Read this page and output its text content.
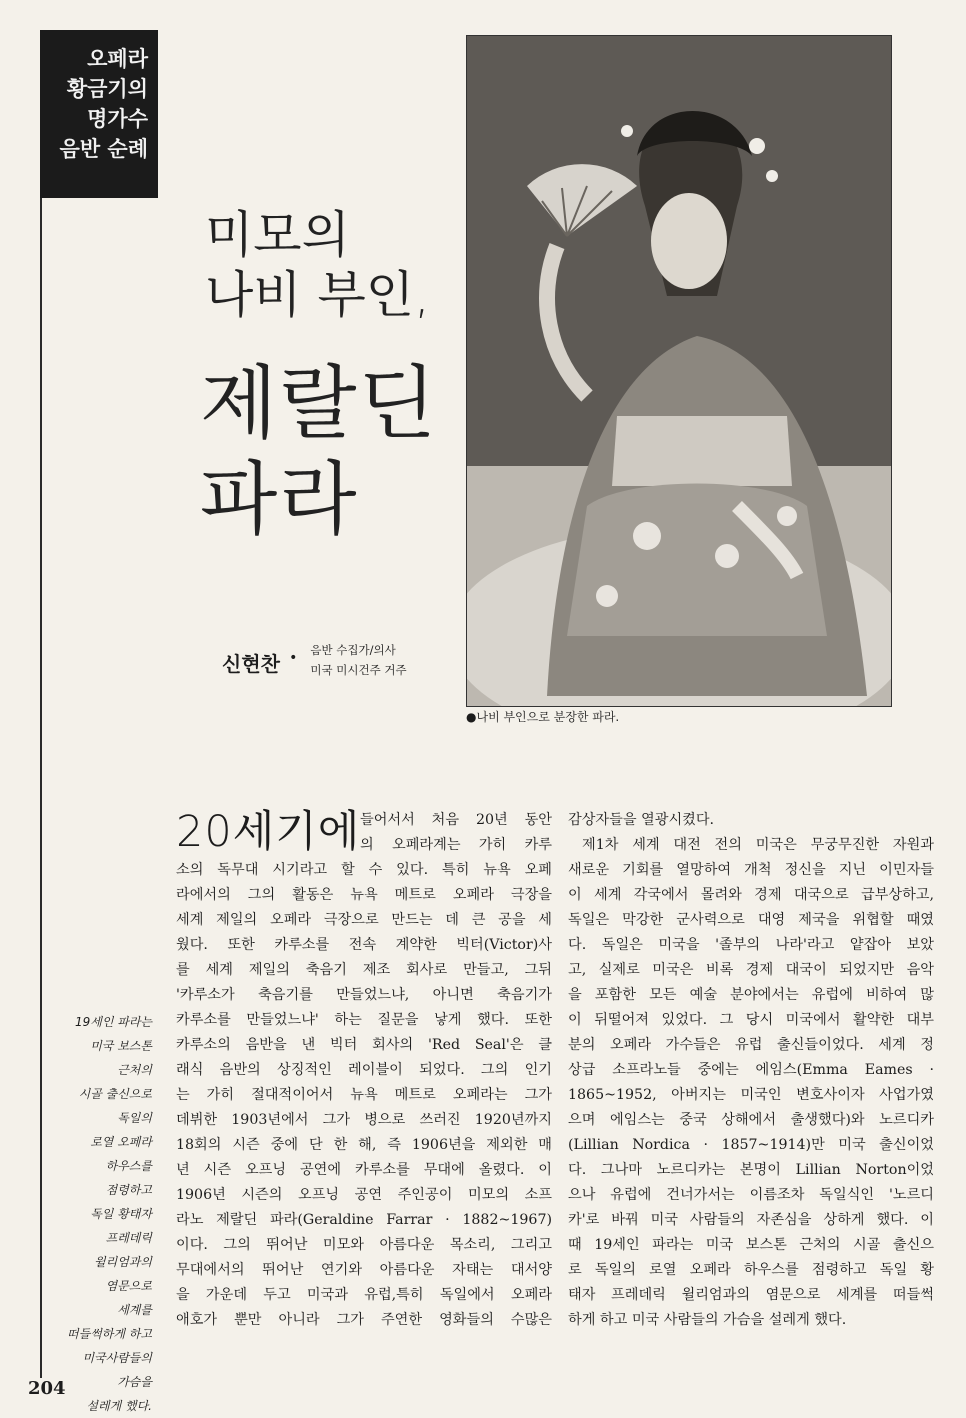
오페라
황금기의
명가수
음반 순례
미모의
나비 부인,
제랄딘
파라
신현찬 • 음반 수집가/의사
미국 미시건주 거주
●나비 부인으로 분장한 파라.
20세기에 들어서서 처음 20년 동안
의 오페라계는 가히 카루
소의 독무대 시기라고 할 수 있다. 특히 뉴욕 오페
라에서의 그의 활동은 뉴욕 메트로 오페라 극장을
세계 제일의 오페라 극장으로 만드는 데 큰 공을 세
웠다. 또한 카루소를 전속 계약한 빅터(Victor)사
를 세계 제일의 축음기 제조 회사로 만들고, 그뒤
'카루소가 축음기를 만들었느냐, 아니면 축음기가
카루소를 만들었느냐' 하는 질문을 낳게 했다. 또한
카루소의 음반을 낸 빅터 회사의 'Red Seal'은 클
래식 음반의 상징적인 레이블이 되었다. 그의 인기
는 가히 절대적이어서 뉴욕 메트로 오페라는 그가
데뷔한 1903년에서 그가 병으로 쓰러진 1920년까지
18회의 시즌 중에 단 한 해, 즉 1906년을 제외한 매
년 시즌 오프닝 공연에 카루소를 무대에 올렸다. 이
1906년 시즌의 오프닝 공연 주인공이 미모의 소프
라노 제랄딘 파라(Geraldine Farrar · 1882~1967)
이다. 그의 뛰어난 미모와 아름다운 목소리, 그리고
무대에서의 뛰어난 연기와 아름다운 자태는 대서양
을 가운데 두고 미국과 유럽,특히 독일에서 오페라
애호가 뿐만 아니라 그가 주연한 영화들의 수많은
감상자들을 열광시켰다.
제1차 세계 대전 전의 미국은 무궁무진한 자원과
새로운 기회를 열망하여 개척 정신을 지닌 이민자들
이 세계 각국에서 몰려와 경제 대국으로 급부상하고,
독일은 막강한 군사력으로 대영 제국을 위협할 때였
다. 독일은 미국을 '졸부의 나라'라고 얕잡아 보았
고, 실제로 미국은 비록 경제 대국이 되었지만 음악
을 포함한 모든 예술 분야에서는 유럽에 비하여 많
이 뒤떨어져 있었다. 그 당시 미국에서 활약한 대부
분의 오페라 가수들은 유럽 출신들이었다. 세계 정
상급 소프라노들 중에는 에임스(Emma Eames ·
1865~1952, 아버지는 미국인 변호사이자 사업가였
으며 에임스는 중국 상해에서 출생했다)와 노르디카
(Lillian Nordica · 1857~1914)만 미국 출신이었
다. 그나마 노르디카는 본명이 Lillian Norton이었
으나 유럽에 건너가서는 이름조차 독일식인 '노르디
카'로 바꿔 미국 사람들의 자존심을 상하게 했다. 이
때 19세인 파라는 미국 보스톤 근처의 시골 출신으
로 독일의 로열 오페라 하우스를 점령하고 독일 황
태자 프레데릭 윌리엄과의 염문으로 세계를 떠들썩
하게 하고 미국 사람들의 가슴을 설레게 했다.
19세인 파라는
미국 보스톤
근처의
시골 출신으로
독일의
로열 오페라
하우스를
점령하고
독일 황태자
프레데릭
윌리엄과의
염문으로
세계를
떠들썩하게 하고
미국사람들의
가슴을
설레게 했다.
204
